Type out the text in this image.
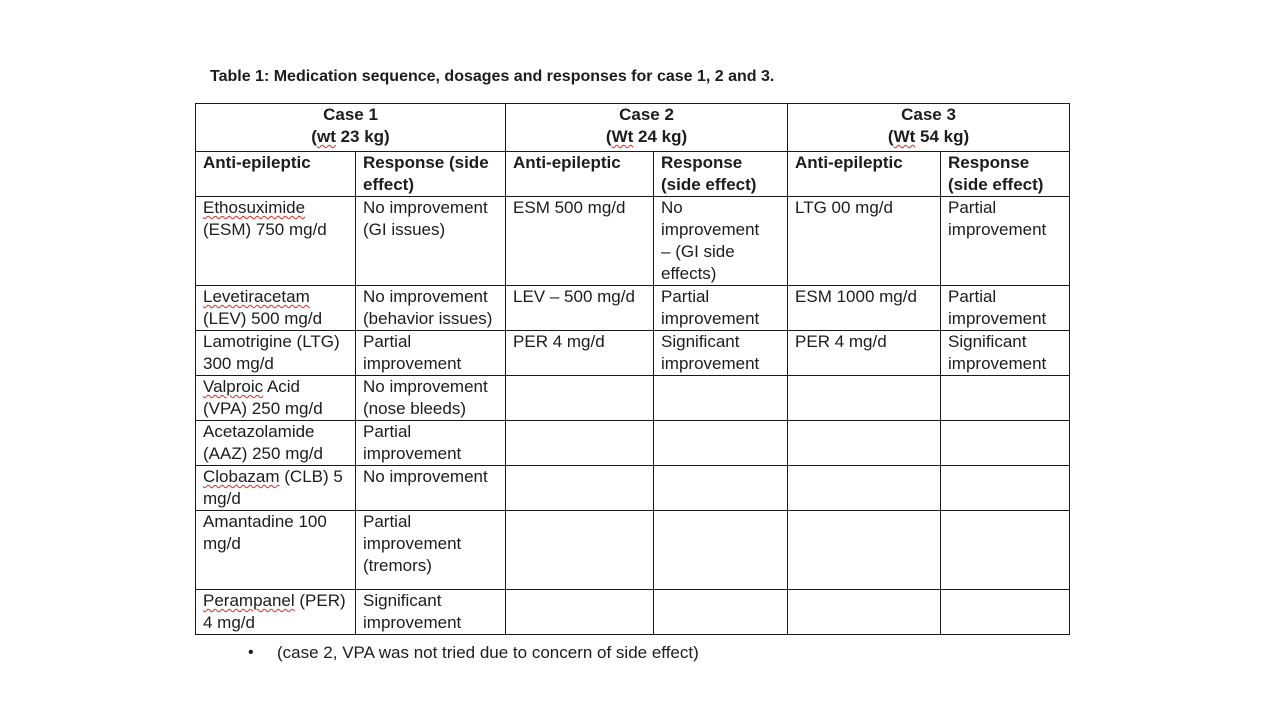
Table 1: Medication sequence, dosages and responses for case 1, 2 and 3.

Case 1
(wt 23 kg)

Case 2
(Wt 24 kg)

Case 3
(Wt 54 kg)

Anti-epileptic	Response (side effect)	Anti-epileptic	Response (side effect)	Anti-epileptic	Response (side effect)
Ethosuximide (ESM) 750 mg/d	No improvement (GI issues)	ESM 500 mg/d	No
improvement
– (GI side effects)	LTG 00 mg/d	Partial improvement
Levetiracetam (LEV) 500 mg/d	No improvement (behavior issues)	LEV – 500 mg/d	Partial improvement	ESM 1000 mg/d	Partial improvement
Lamotrigine (LTG) 300 mg/d	Partial improvement	PER 4 mg/d	Significant improvement	PER 4 mg/d	Significant improvement
Valproic Acid (VPA) 250 mg/d	No improvement (nose bleeds)				
Acetazolamide (AAZ) 250 mg/d	Partial improvement				
Clobazam (CLB) 5 mg/d	No improvement				
Amantadine 100 mg/d	Partial improvement (tremors)				
Perampanel (PER) 4 mg/d	Significant improvement				
•	(case 2, VPA was not tried due to concern of side effect)
